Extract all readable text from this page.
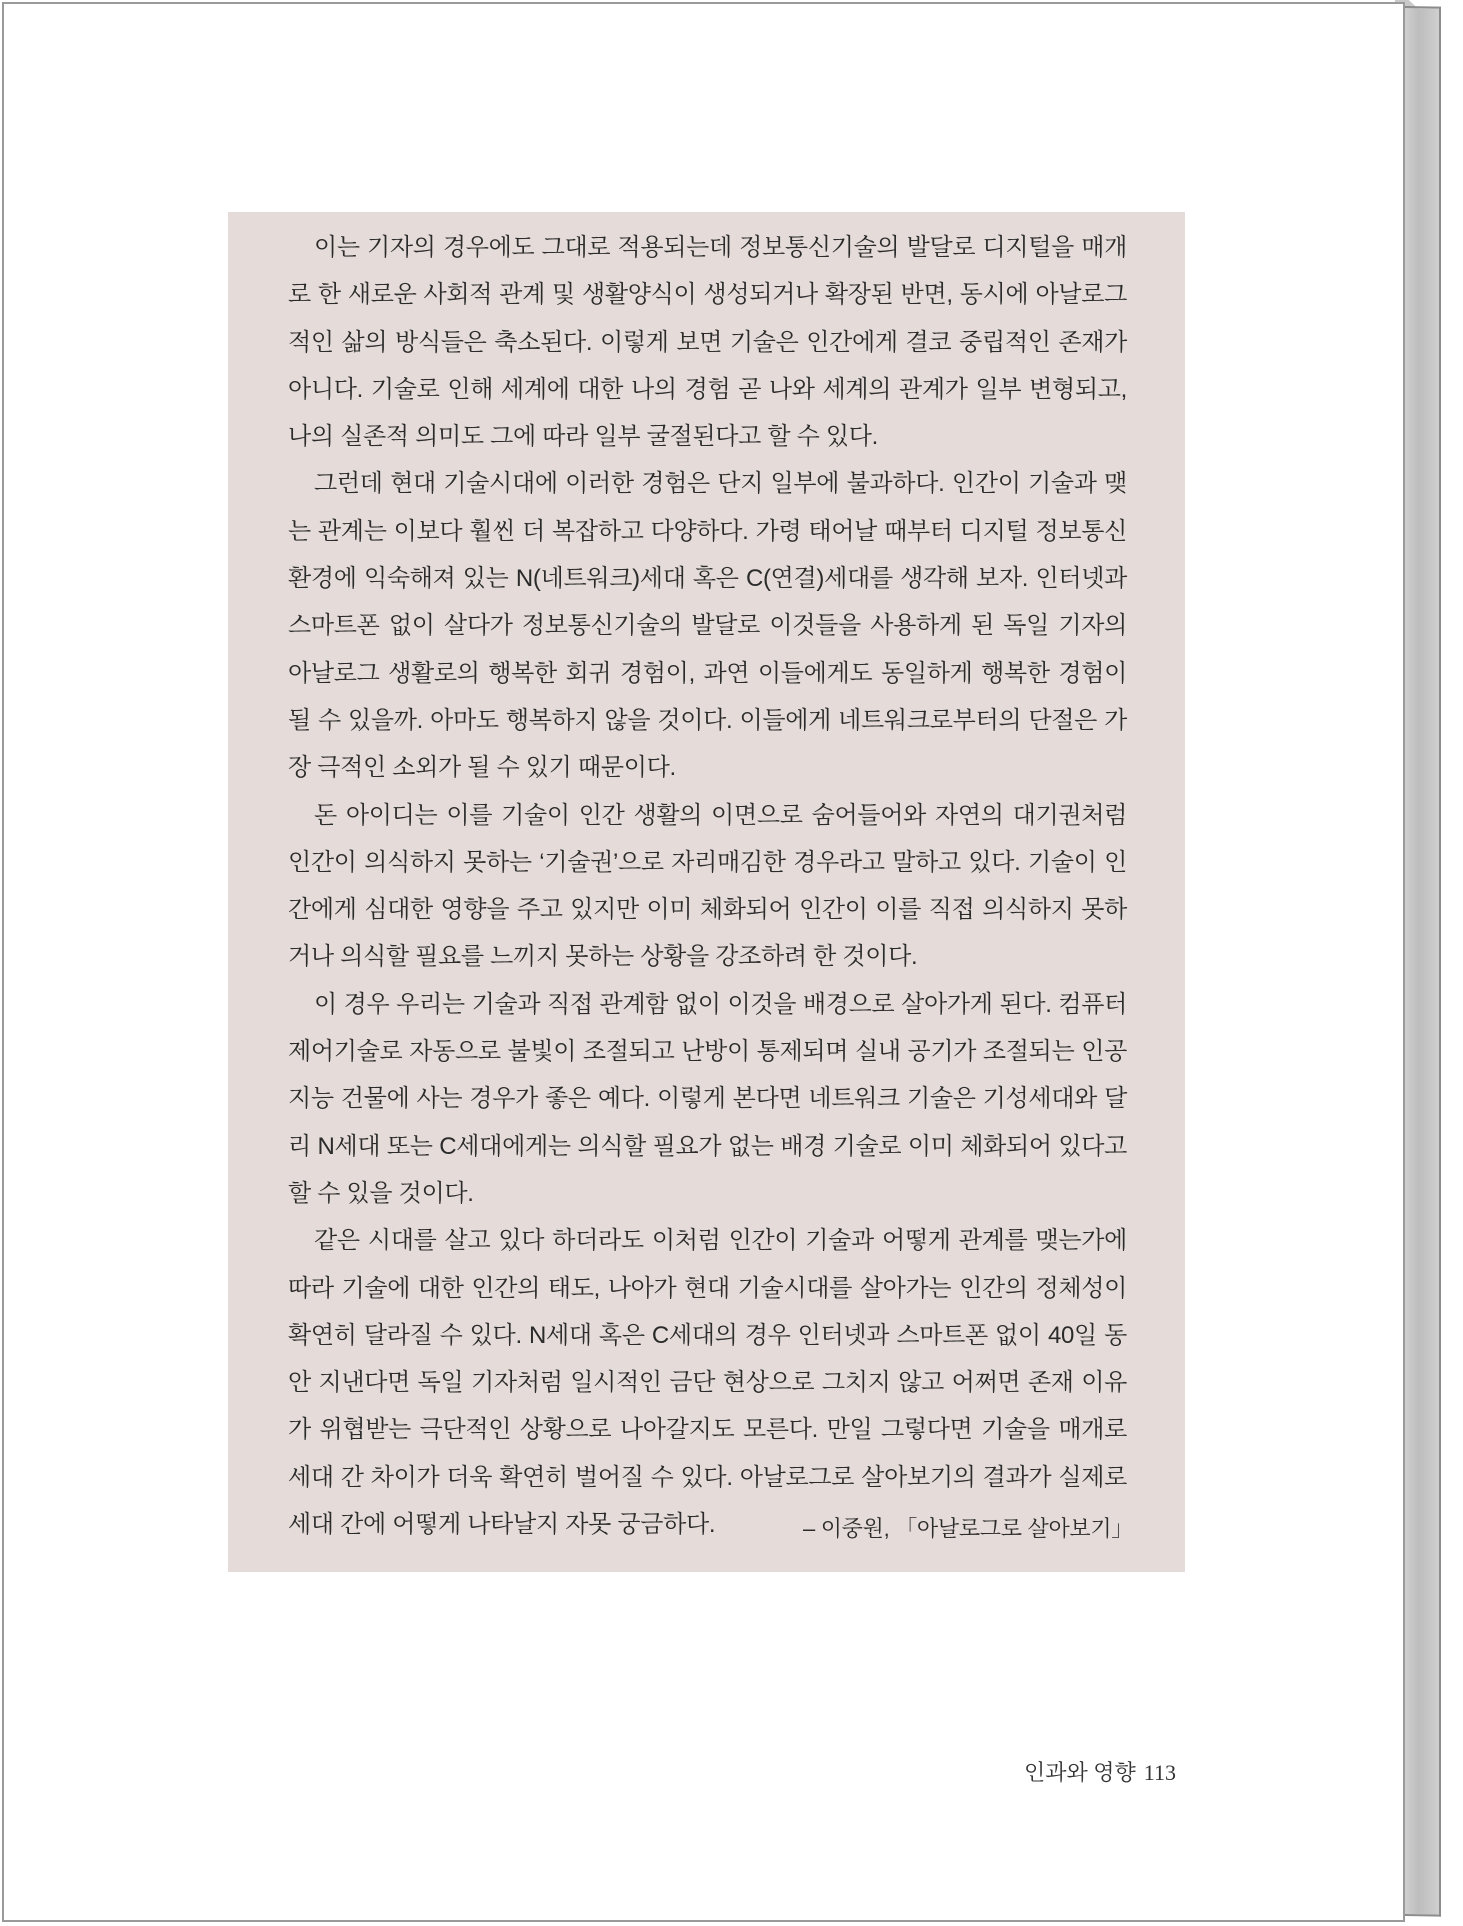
이는 기자의 경우에도 그대로 적용되는데 정보통신기술의 발달로 디지털을 매개로 한 새로운 사회적 관계 및 생활양식이 생성되거나 확장된 반면, 동시에 아날로그적인 삶의 방식들은 축소된다. 이렇게 보면 기술은 인간에게 결코 중립적인 존재가 아니다. 기술로 인해 세계에 대한 나의 경험 곧 나와 세계의 관계가 일부 변형되고, 나의 실존적 의미도 그에 따라 일부 굴절된다고 할 수 있다.

그런데 현대 기술시대에 이러한 경험은 단지 일부에 불과하다. 인간이 기술과 맺는 관계는 이보다 훨씬 더 복잡하고 다양하다. 가령 태어날 때부터 디지털 정보통신 환경에 익숙해져 있는 N(네트워크)세대 혹은 C(연결)세대를 생각해 보자. 인터넷과 스마트폰 없이 살다가 정보통신기술의 발달로 이것들을 사용하게 된 독일 기자의 아날로그 생활로의 행복한 회귀 경험이, 과연 이들에게도 동일하게 행복한 경험이 될 수 있을까. 아마도 행복하지 않을 것이다. 이들에게 네트워크로부터의 단절은 가장 극적인 소외가 될 수 있기 때문이다.

돈 아이디는 이를 기술이 인간 생활의 이면으로 숨어들어와 자연의 대기권처럼 인간이 의식하지 못하는 ‘기술권’으로 자리매김한 경우라고 말하고 있다. 기술이 인간에게 심대한 영향을 주고 있지만 이미 체화되어 인간이 이를 직접 의식하지 못하거나 의식할 필요를 느끼지 못하는 상황을 강조하려 한 것이다.

이 경우 우리는 기술과 직접 관계함 없이 이것을 배경으로 살아가게 된다. 컴퓨터 제어기술로 자동으로 불빛이 조절되고 난방이 통제되며 실내 공기가 조절되는 인공지능 건물에 사는 경우가 좋은 예다. 이렇게 본다면 네트워크 기술은 기성세대와 달리 N세대 또는 C세대에게는 의식할 필요가 없는 배경 기술로 이미 체화되어 있다고 할 수 있을 것이다.

같은 시대를 살고 있다 하더라도 이처럼 인간이 기술과 어떻게 관계를 맺는가에 따라 기술에 대한 인간의 태도, 나아가 현대 기술시대를 살아가는 인간의 정체성이 확연히 달라질 수 있다. N세대 혹은 C세대의 경우 인터넷과 스마트폰 없이 40일 동안 지낸다면 독일 기자처럼 일시적인 금단 현상으로 그치지 않고 어쩌면 존재 이유가 위협받는 극단적인 상황으로 나아갈지도 모른다. 만일 그렇다면 기술을 매개로 세대 간 차이가 더욱 확연히 벌어질 수 있다. 아날로그로 살아보기의 결과가 실제로 세대 간에 어떻게 나타날지 자못 궁금하다.	– 이중원, 「아날로그로 살아보기」
인과와 영향 113
